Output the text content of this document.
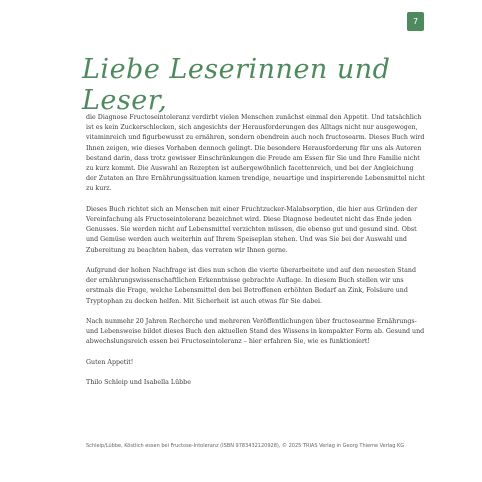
7
Liebe Leserinnen und Leser,

die Diagnose Fructoseintoleranz verdirbt vielen Menschen zunächst einmal den Appetit. Und tatsächlich ist es kein Zuckerschlecken, sich angesichts der Herausforderungen des Alltags nicht nur ausgewogen, vitaminreich und figurbewusst zu ernähren, sondern obendrein auch noch fructosearm. Dieses Buch wird Ihnen zeigen, wie dieses Vorhaben dennoch gelingt. Die besondere Herausforderung für uns als Autoren bestand darin, dass trotz gewisser Einschränkungen die Freude am Essen für Sie und Ihre Familie nicht zu kurz kommt. Die Auswahl an Rezepten ist außergewöhnlich facettenreich, und bei der Angleichung der Zutaten an Ihre Ernährungssituation kamen trendige, neuartige und inspirierende Lebensmittel nicht zu kurz.

Dieses Buch richtet sich an Menschen mit einer Fruchtzucker-Malabsorption, die hier aus Gründen der Vereinfachung als Fructoseintoleranz bezeichnet wird. Diese Diagnose bedeutet nicht das Ende jeden Genusses. Sie werden nicht auf Lebensmittel verzichten müssen, die ebenso gut und gesund sind. Obst und Gemüse werden auch weiterhin auf Ihrem Speiseplan stehen. Und was Sie bei der Auswahl und Zubereitung zu beachten haben, das verraten wir Ihnen gerne.

Aufgrund der hohen Nachfrage ist dies nun schon die vierte überarbeitete und auf den neuesten Stand der ernährungswissenschaftlichen Erkenntnisse gebrachte Auflage. In diesem Buch stellen wir uns erstmals die Frage, welche Lebensmittel den bei Betroffenen erhöhten Bedarf an Zink, Folsäure und Tryptophan zu decken helfen. Mit Sicherheit ist auch etwas für Sie dabei.

Nach nunmehr 20 Jahren Recherche und mehreren Veröffentlichungen über fructosearme Ernährungs- und Lebensweise bildet dieses Buch den aktuellen Stand des Wissens in kompakter Form ab. Gesund und abwechslungsreich essen bei Fructoseintoleranz – hier erfahren Sie, wie es funktioniert!

Guten Appetit!

Thilo Schleip und Isabella Lübbe

Schleip/Lübbe, Köstlich essen bei Fructose-Intoleranz (ISBN 9783432120928), © 2025 TRIAS Verlag in Georg Thieme Verlag KG
